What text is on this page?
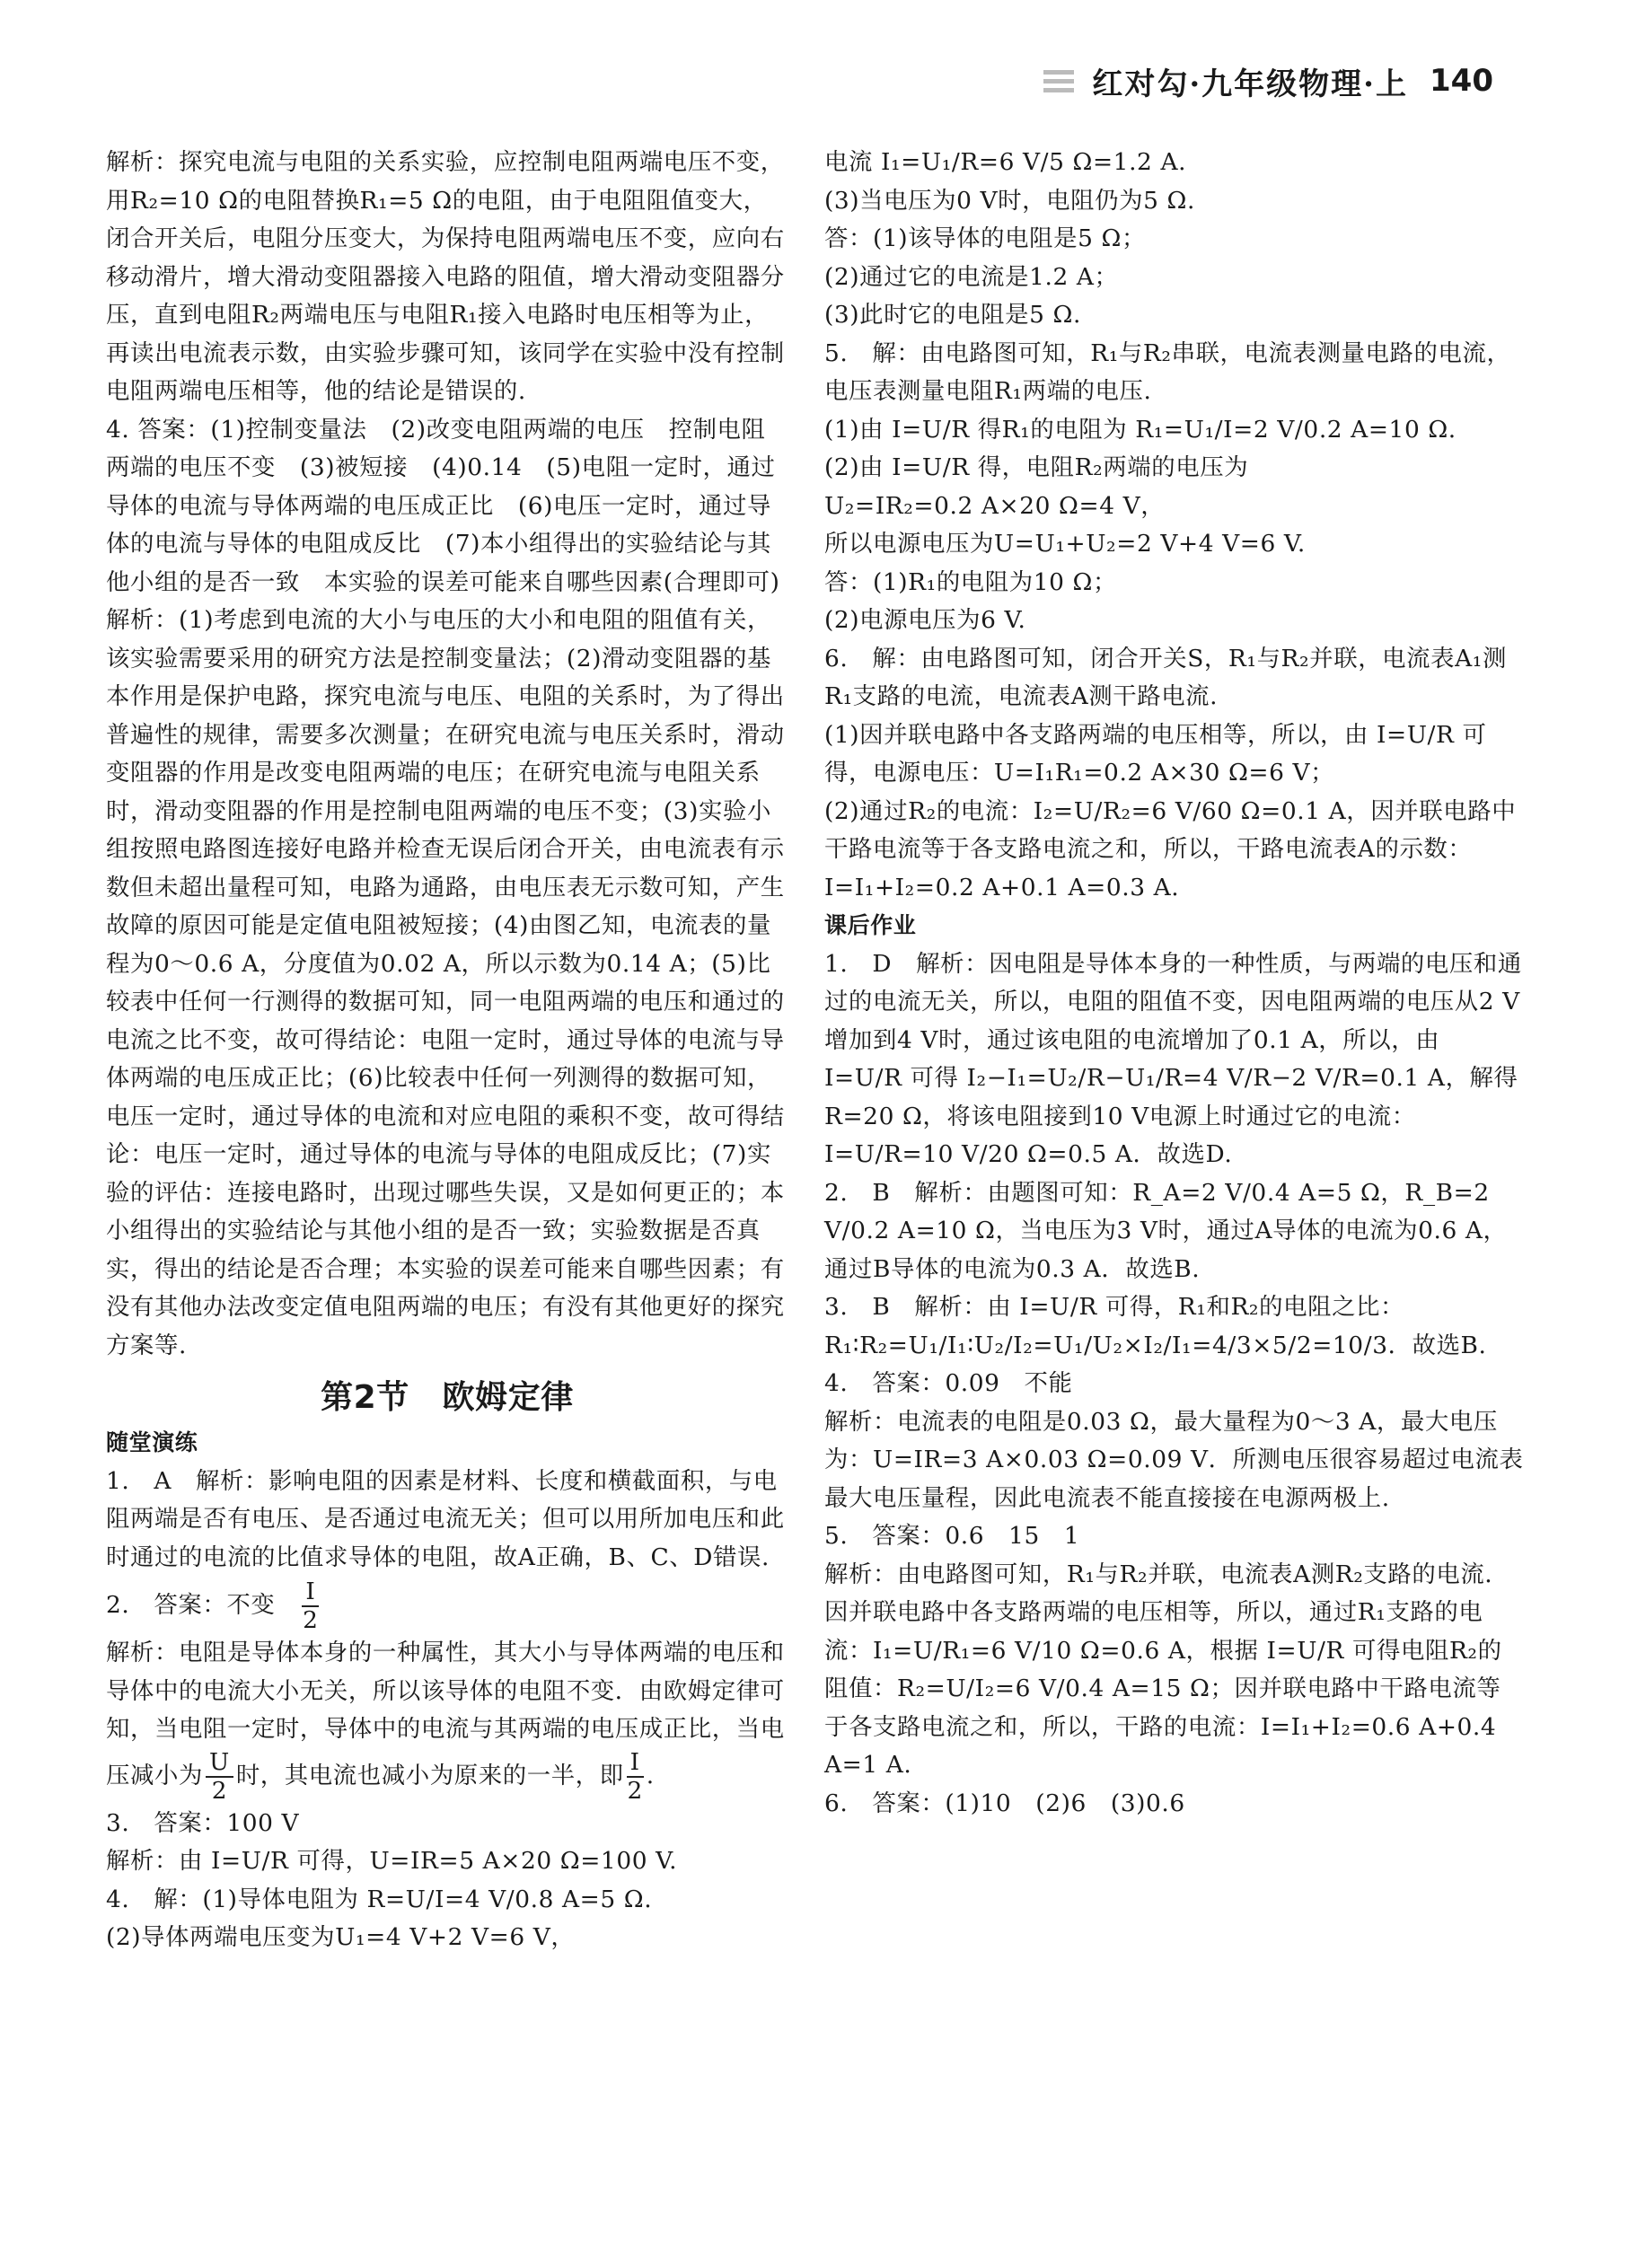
红对勾·九年级物理·上 140

解析：探究电流与电阻的关系实验，应控制电阻两端电压不变，用R₂=10 Ω的电阻替换R₁=5 Ω的电阻，由于电阻阻值变大，闭合开关后，电阻分压变大，为保持电阻两端电压不变，应向右移动滑片，增大滑动变阻器接入电路的阻值，增大滑动变阻器分压，直到电阻R₂两端电压与电阻R₁接入电路时电压相等为止，再读出电流表示数，由实验步骤可知，该同学在实验中没有控制电阻两端电压相等，他的结论是错误的.

4. 答案：(1)控制变量法　(2)改变电阻两端的电压　控制电阻两端的电压不变　(3)被短接　(4)0.14　(5)电阻一定时，通过导体的电流与导体两端的电压成正比　(6)电压一定时，通过导体的电流与导体的电阻成反比　(7)本小组得出的实验结论与其他小组的是否一致　本实验的误差可能来自哪些因素(合理即可)

解析：(1)考虑到电流的大小与电压的大小和电阻的阻值有关，该实验需要采用的研究方法是控制变量法；(2)滑动变阻器的基本作用是保护电路，探究电流与电压、电阻的关系时，为了得出普遍性的规律，需要多次测量；在研究电流与电压关系时，滑动变阻器的作用是改变电阻两端的电压；在研究电流与电阻关系时，滑动变阻器的作用是控制电阻两端的电压不变；(3)实验小组按照电路图连接好电路并检查无误后闭合开关，由电流表有示数但未超出量程可知，电路为通路，由电压表无示数可知，产生故障的原因可能是定值电阻被短接；(4)由图乙知，电流表的量程为0～0.6 A，分度值为0.02 A，所以示数为0.14 A；(5)比较表中任何一行测得的数据可知，同一电阻两端的电压和通过的电流之比不变，故可得结论：电阻一定时，通过导体的电流与导体两端的电压成正比；(6)比较表中任何一列测得的数据可知，电压一定时，通过导体的电流和对应电阻的乘积不变，故可得结论：电压一定时，通过导体的电流与导体的电阻成反比；(7)实验的评估：连接电路时，出现过哪些失误，又是如何更正的；本小组得出的实验结论与其他小组的是否一致；实验数据是否真实，得出的结论是否合理；本实验的误差可能来自哪些因素；有没有其他办法改变定值电阻两端的电压；有没有其他更好的探究方案等.

第2节　欧姆定律
随堂演练

1.　A　解析：影响电阻的因素是材料、长度和横截面积，与电阻两端是否有电压、是否通过电流无关；但可以用所加电压和此时通过的电流的比值求导体的电阻，故A正确，B、C、D错误.

2.　答案：不变　 $\frac{I}{2}$

解析：电阻是导体本身的一种属性，其大小与导体两端的电压和导体中的电流大小无关，所以该导体的电阻不变．由欧姆定律可知，当电阻一定时，导体中的电流与其两端的电压成正比，当电压减小为 $\frac{U}{2}$ 时，其电流也减小为原来的一半，即 $\frac{I}{2}$ .

3.　答案：100 V

解析：由 I=U/R 可得，U=IR=5 A×20 Ω=100 V.

4.　解：(1)导体电阻为 R=U/I=4 V/0.8 A=5 Ω.

(2)导体两端电压变为U₁=4 V+2 V=6 V，

电流 I₁=U₁/R=6 V/5 Ω=1.2 A.

(3)当电压为0 V时，电阻仍为5 Ω.

答：(1)该导体的电阻是5 Ω；

(2)通过它的电流是1.2 A；

(3)此时它的电阻是5 Ω.

5.　解：由电路图可知，R₁与R₂串联，电流表测量电路的电流，电压表测量电阻R₁两端的电压.

(1)由 I=U/R 得R₁的电阻为 R₁=U₁/I=2 V/0.2 A=10 Ω.

(2)由 I=U/R 得，电阻R₂两端的电压为

U₂=IR₂=0.2 A×20 Ω=4 V，

所以电源电压为U=U₁+U₂=2 V+4 V=6 V.

答：(1)R₁的电阻为10 Ω；

(2)电源电压为6 V.

6.　解：由电路图可知，闭合开关S，R₁与R₂并联，电流表A₁测R₁支路的电流，电流表A测干路电流.

(1)因并联电路中各支路两端的电压相等，所以，由 I=U/R 可得，电源电压：U=I₁R₁=0.2 A×30 Ω=6 V；

(2)通过R₂的电流：I₂=U/R₂=6 V/60 Ω=0.1 A，因并联电路中干路电流等于各支路电流之和，所以，干路电流表A的示数：I=I₁+I₂=0.2 A+0.1 A=0.3 A.

课后作业

1.　D　解析：因电阻是导体本身的一种性质，与两端的电压和通过的电流无关，所以，电阻的阻值不变，因电阻两端的电压从2 V增加到4 V时，通过该电阻的电流增加了0.1 A，所以，由 I=U/R 可得 I₂−I₁=U₂/R−U₁/R=4 V/R−2 V/R=0.1 A，解得R=20 Ω，将该电阻接到10 V电源上时通过它的电流：I=U/R=10 V/20 Ω=0.5 A．故选D.

2.　B　解析：由题图可知：R_A=2 V/0.4 A=5 Ω，R_B=2 V/0.2 A=10 Ω，当电压为3 V时，通过A导体的电流为0.6 A，通过B导体的电流为0.3 A．故选B.

3.　B　解析：由 I=U/R 可得，R₁和R₂的电阻之比：R₁∶R₂=U₁/I₁∶U₂/I₂=U₁/U₂×I₂/I₁=4/3×5/2=10/3．故选B.

4.　答案：0.09　不能

解析：电流表的电阻是0.03 Ω，最大量程为0～3 A，最大电压为：U=IR=3 A×0.03 Ω=0.09 V．所测电压很容易超过电流表最大电压量程，因此电流表不能直接接在电源两极上.

5.　答案：0.6　15　1

解析：由电路图可知，R₁与R₂并联，电流表A测R₂支路的电流．因并联电路中各支路两端的电压相等，所以，通过R₁支路的电流：I₁=U/R₁=6 V/10 Ω=0.6 A，根据 I=U/R 可得电阻R₂的阻值：R₂=U/I₂=6 V/0.4 A=15 Ω；因并联电路中干路电流等于各支路电流之和，所以，干路的电流：I=I₁+I₂=0.6 A+0.4 A=1 A.

6.　答案：(1)10　(2)6　(3)0.6
